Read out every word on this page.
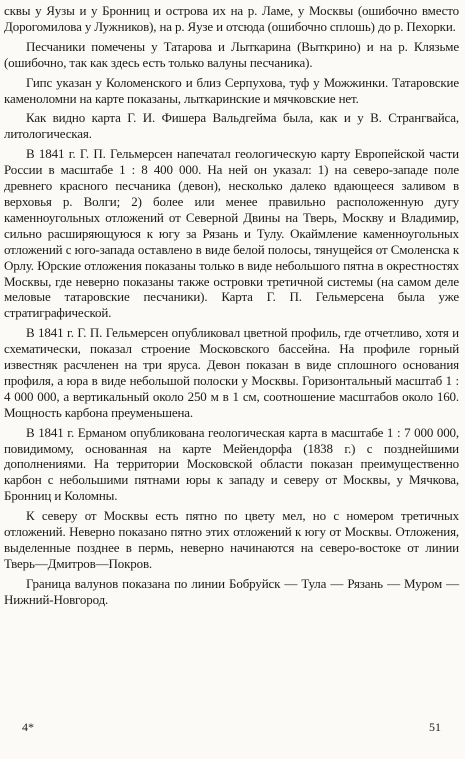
сквы у Яузы и у Бронниц и острова их на р. Ламе, у Москвы (ошибочно вместо Дорогомилова у Лужников), на р. Яузе и отсюда (ошибочно сплошь) до р. Пехорки.

Песчаники помечены у Татарова и Лыткарина (Выткрино) и на р. Клязьме (ошибочно, так как здесь есть только валуны песчаника).

Гипс указан у Коломенского и близ Серпухова, туф у Можжинки. Татаровские каменоломни на карте показаны, лыткаринские и мячковские нет.

Как видно карта Г. И. Фишера Вальдгейма была, как и у В. Странгвайса, литологическая.

В 1841 г. Г. П. Гельмерсен напечатал геологическую карту Европейской части России в масштабе 1 : 8 400 000. На ней он указал: 1) на северо-западе поле древнего красного песчаника (девон), несколько далеко вдающееся заливом в верховья р. Волги; 2) более или менее правильно расположенную дугу каменноугольных отложений от Северной Двины на Тверь, Москву и Владимир, сильно расширяющуюся к югу за Рязань и Тулу. Окаймление каменноугольных отложений с юго-запада оставлено в виде белой полосы, тянущейся от Смоленска к Орлу. Юрские отложения показаны только в виде небольшого пятна в окрестностях Москвы, где неверно показаны также островки третичной системы (на самом деле меловые татаровские песчаники). Карта Г. П. Гельмерсена была уже стратиграфической.

В 1841 г. Г. П. Гельмерсен опубликовал цветной профиль, где отчетливо, хотя и схематически, показал строение Московского бассейна. На профиле горный известняк расчленен на три яруса. Девон показан в виде сплошного основания профиля, а юра в виде небольшой полоски у Москвы. Горизонтальный масштаб 1 : 4 000 000, а вертикальный около 250 м в 1 см, соотношение масштабов около 160. Мощность карбона преуменьшена.

В 1841 г. Ерманом опубликована геологическая карта в масштабе 1 : 7 000 000, повидимому, основанная на карте Мейендорфа (1838 г.) с позднейшими дополнениями. На территории Московской области показан преимущественно карбон с небольшими пятнами юры к западу и северу от Москвы, у Мячкова, Бронниц и Коломны.

К северу от Москвы есть пятно по цвету мел, но с номером третичных отложений. Неверно показано пятно этих отложений к югу от Москвы. Отложения, выделенные позднее в пермь, неверно начинаются на северо-востоке от линии Тверь—Дмитров—Покров.

Граница валунов показана по линии Бобруйск — Тула — Рязань — Муром — Нижний-Новгород.

4*	51
